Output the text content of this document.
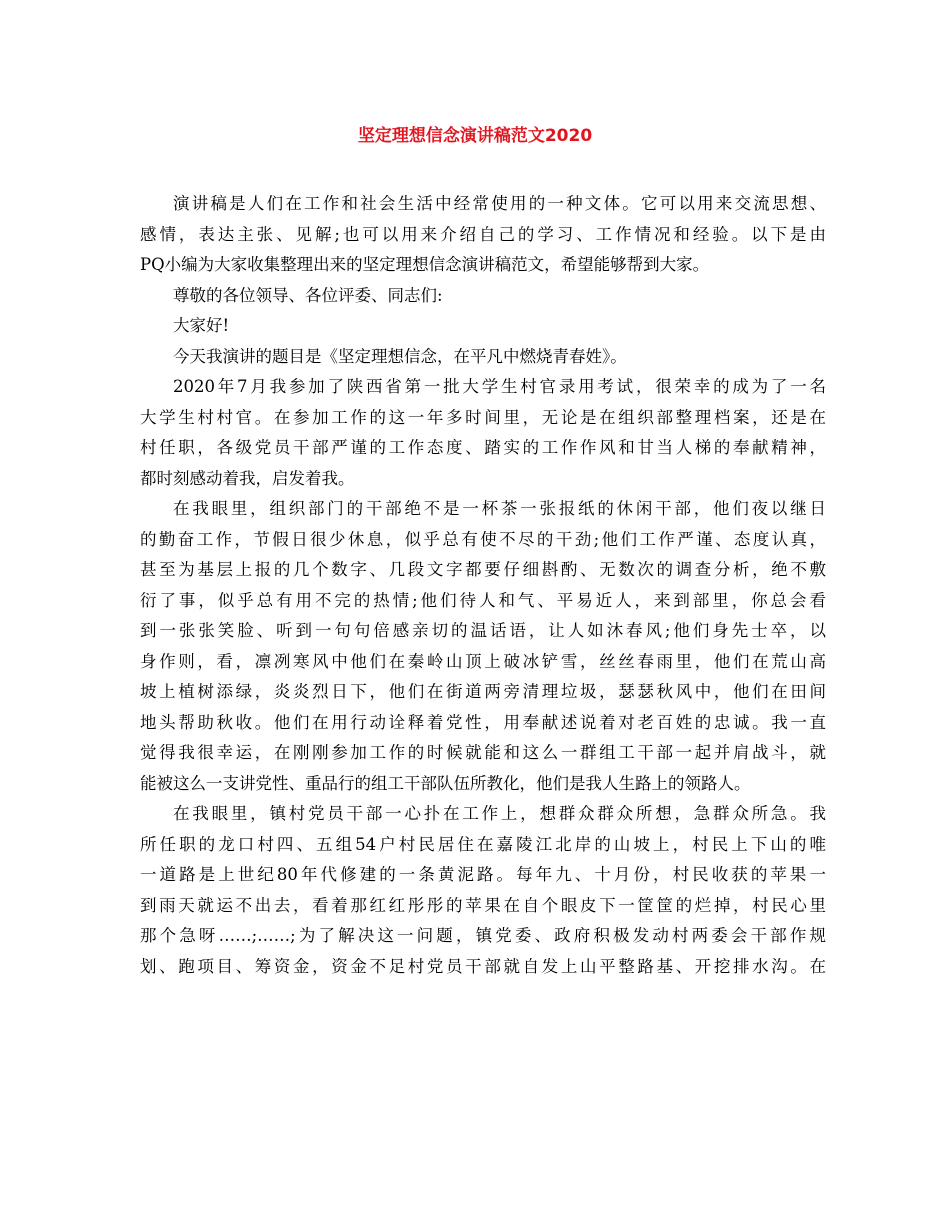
坚定理想信念演讲稿范文2020
演讲稿是人们在工作和社会生活中经常使用的一种文体。它可以用来交流思想、
感情，表达主张、见解;也可以用来介绍自己的学习、工作情况和经验。以下是由
PQ小编为大家收集整理出来的坚定理想信念演讲稿范文，希望能够帮到大家。
尊敬的各位领导、各位评委、同志们:
大家好!
今天我演讲的题目是《坚定理想信念，在平凡中燃烧青春姓》。
2020年7月我参加了陕西省第一批大学生村官录用考试，很荣幸的成为了一名
大学生村村官。在参加工作的这一年多时间里，无论是在组织部整理档案，还是在
村任职，各级党员干部严谨的工作态度、踏实的工作作风和甘当人梯的奉献精神，
都时刻感动着我，启发着我。
在我眼里，组织部门的干部绝不是一杯茶一张报纸的休闲干部，他们夜以继日
的勤奋工作，节假日很少休息，似乎总有使不尽的干劲;他们工作严谨、态度认真，
甚至为基层上报的几个数字、几段文字都要仔细斟酌、无数次的调查分析，绝不敷
衍了事，似乎总有用不完的热情;他们待人和气、平易近人，来到部里，你总会看
到一张张笑脸、听到一句句倍感亲切的温话语，让人如沐春风;他们身先士卒，以
身作则，看，凛冽寒风中他们在秦岭山顶上破冰铲雪，丝丝春雨里，他们在荒山高
坡上植树添绿，炎炎烈日下，他们在街道两旁清理垃圾，瑟瑟秋风中，他们在田间
地头帮助秋收。他们在用行动诠释着党性，用奉献述说着对老百姓的忠诚。我一直
觉得我很幸运，在刚刚参加工作的时候就能和这么一群组工干部一起并肩战斗，就
能被这么一支讲党性、重品行的组工干部队伍所教化，他们是我人生路上的领路人。
在我眼里，镇村党员干部一心扑在工作上，想群众群众所想，急群众所急。我
所任职的龙口村四、五组54户村民居住在嘉陵江北岸的山坡上，村民上下山的唯
一道路是上世纪80年代修建的一条黄泥路。每年九、十月份，村民收获的苹果一
到雨天就运不出去，看着那红红彤彤的苹果在自个眼皮下一筐筐的烂掉，村民心里
那个急呀……;……;为了解决这一问题，镇党委、政府积极发动村两委会干部作规
划、跑项目、筹资金，资金不足村党员干部就自发上山平整路基、开挖排水沟。在
